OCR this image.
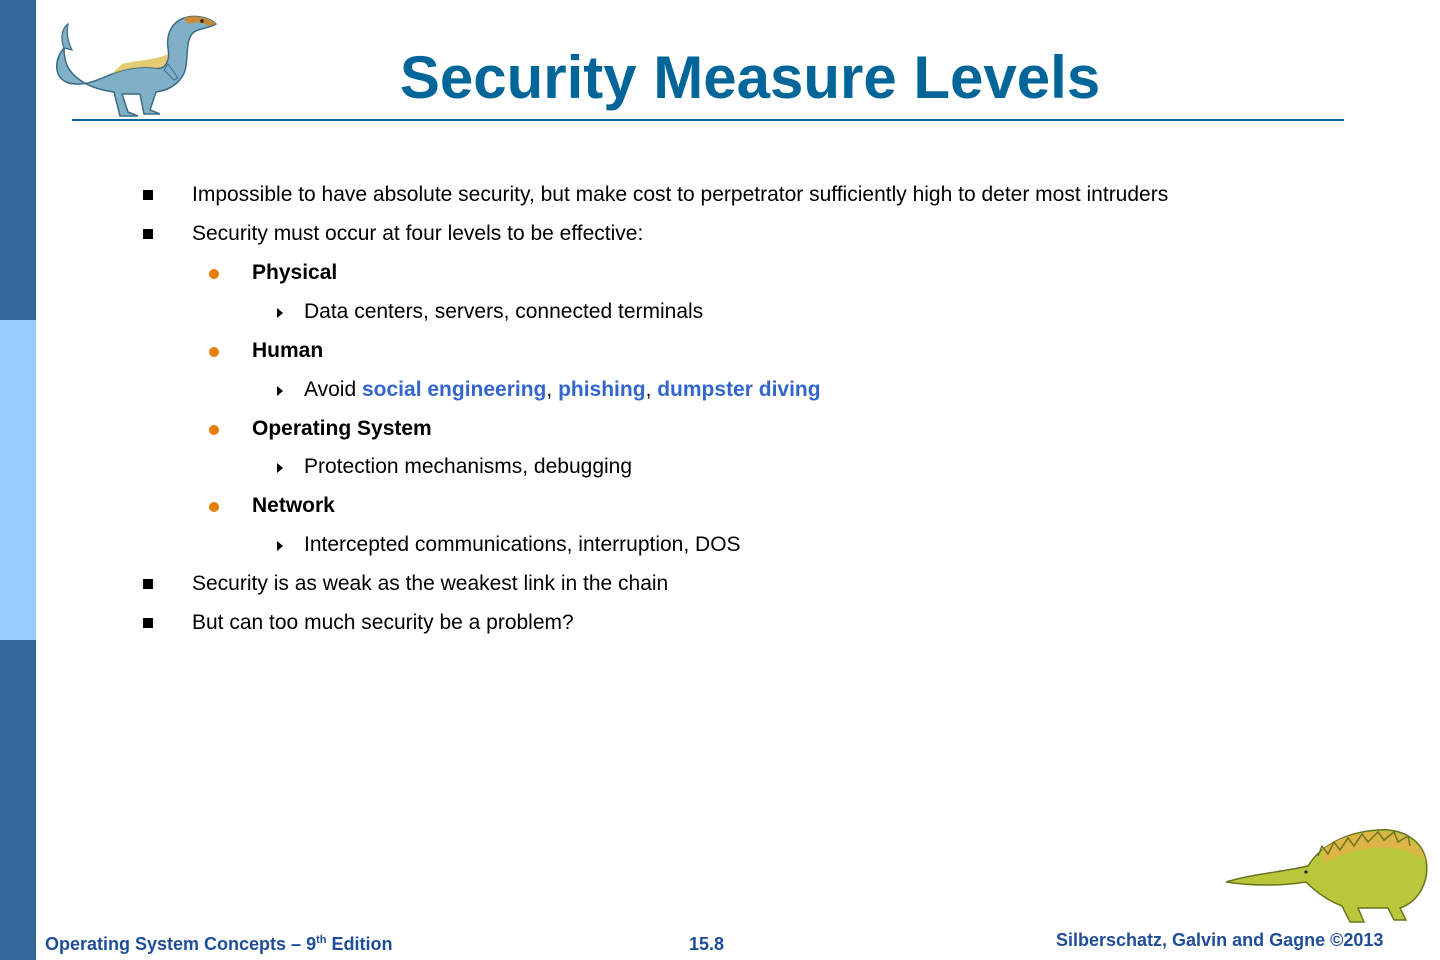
Security Measure Levels
Impossible to have absolute security, but make cost to perpetrator sufficiently high to deter most intruders
Security must occur at four levels to be effective:
Physical
Data centers, servers, connected terminals
Human
Avoid social engineering, phishing, dumpster diving
Operating System
Protection mechanisms, debugging
Network
Intercepted communications, interruption, DOS
Security is as weak as the weakest link in the chain
But can too much security be a problem?
Operating System Concepts – 9th Edition	15.8	Silberschatz, Galvin and Gagne ©2013
